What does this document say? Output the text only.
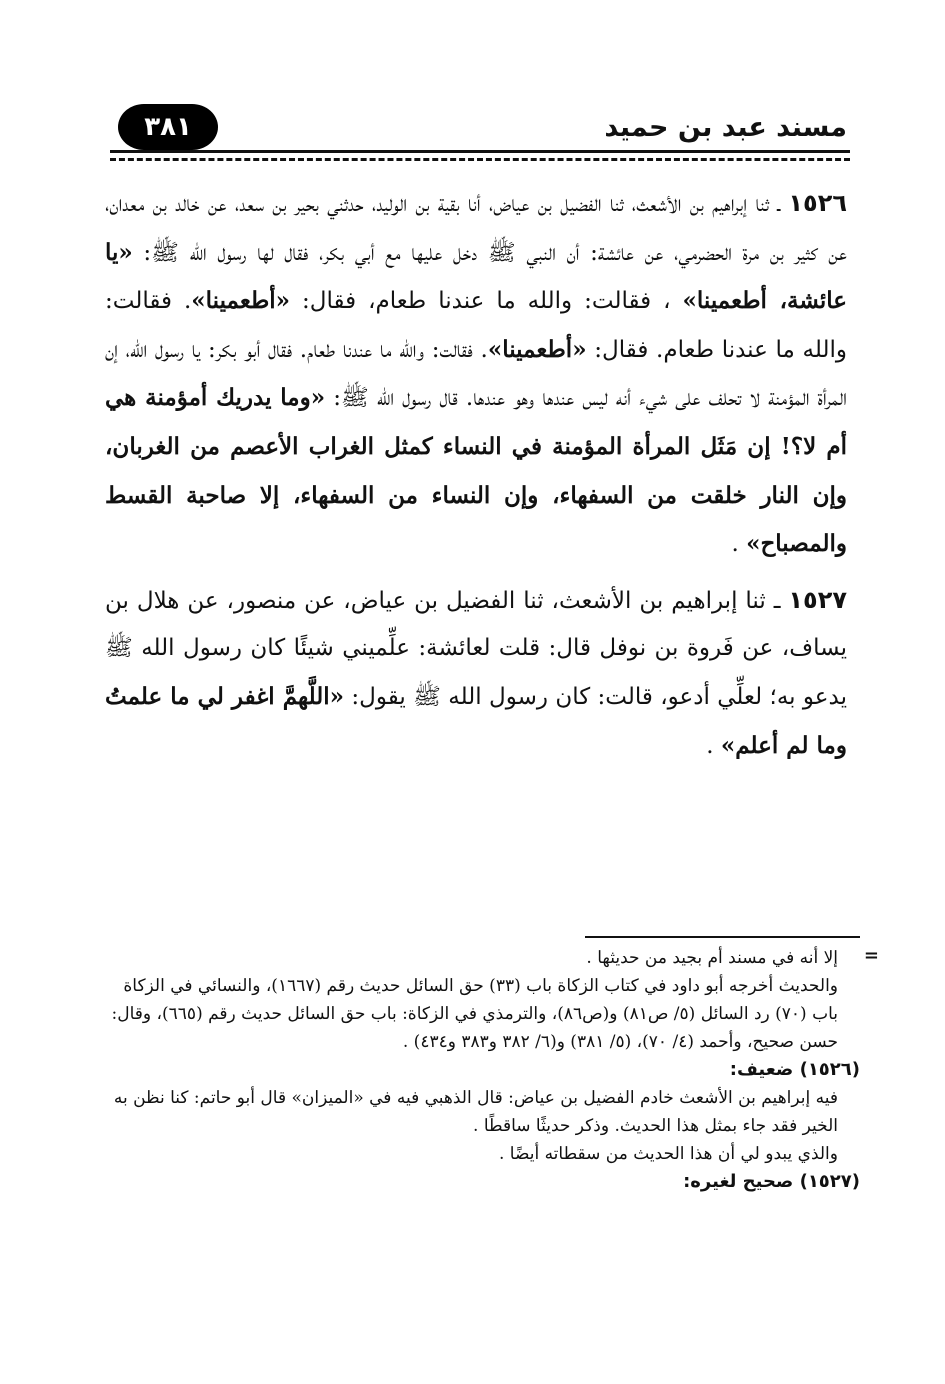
مسند عبد بن حميد
٣٨١

١٥٢٦ ـ ثنا إبراهيم بن الأشعث، ثنا الفضيل بن عياض، أنا بقية بن الوليد، حدثني بحير بن سعد، عن خالد بن معدان، عن كثير بن مرة الحضرمي، عن عائشة: أن النبي ﷺ دخل عليها مع أبي بكر، فقال لها رسول الله ﷺ: «يا عائشة، أطعمينا» ، فقالت: والله ما عندنا طعام، فقال: «أطعمينا». فقالت: والله ما عندنا طعام. فقال: «أطعمينا». فقالت: والله ما عندنا طعام. فقال أبو بكر: يا رسول الله، إن المرأة المؤمنة لا تحلف على شيء أنه ليس عندها وهو عندها. قال رسول الله ﷺ: «وما يدريك أمؤمنة هي أم لا؟! إن مَثَل المرأة المؤمنة في النساء كمثل الغراب الأعصم من الغربان، وإن النار خلقت من السفهاء، وإن النساء من السفهاء، إلا صاحبة القسط والمصباح» .

١٥٢٧ ـ ثنا إبراهيم بن الأشعث، ثنا الفضيل بن عياض، عن منصور، عن هلال بن يساف، عن فَروة بن نوفل قال: قلت لعائشة: علِّميني شيئًا كان رسول الله ﷺ يدعو به؛ لعلِّي أدعو، قالت: كان رسول الله ﷺ يقول: «اللَّهمَّ اغفر لي ما علمتُ وما لم أعلم» .

=

إلا أنه في مسند أم بجيد من حديثها .

والحديث أخرجه أبو داود في كتاب الزكاة باب (٣٣) حق السائل حديث رقم (١٦٦٧)، والنسائي في الزكاة باب (٧٠) رد السائل (٥/ ص٨١) و(ص٨٦)، والترمذي في الزكاة: باب حق السائل حديث رقم (٦٦٥)، وقال: حسن صحيح، وأحمد (٤/ ٧٠)، (٥/ ٣٨١) و(٦/ ٣٨٢ و٣٨٣ و٤٣٤) .

(١٥٢٦) ضعيف:

فيه إبراهيم بن الأشعث خادم الفضيل بن عياض: قال الذهبي فيه في «الميزان» قال أبو حاتم: كنا نظن به الخير فقد جاء بمثل هذا الحديث. وذكر حديثًا ساقطًا .

والذي يبدو لي أن هذا الحديث من سقطاته أيضًا .

(١٥٢٧) صحيح لغيره:
